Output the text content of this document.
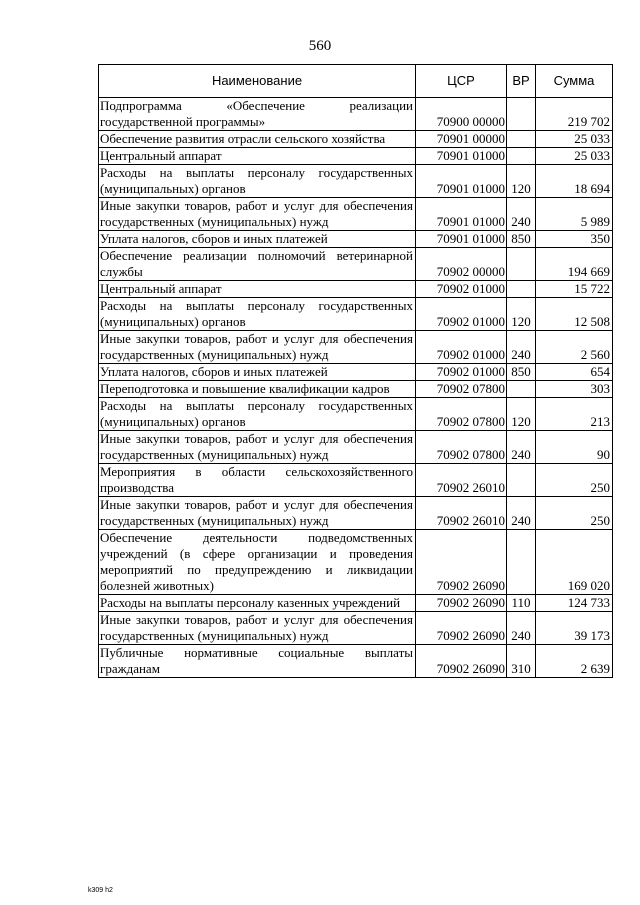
560
Наименование	ЦСР	ВР	Сумма
Подпрограмма «Обеспечение реализации государственной программы»	70900 00000		219 702
Обеспечение развития отрасли сельского хозяйства	70901 00000		25 033
Центральный аппарат	70901 01000		25 033
Расходы на выплаты персоналу государственных (муниципальных) органов	70901 01000	120	18 694
Иные закупки товаров, работ и услуг для обеспечения государственных (муниципальных) нужд	70901 01000	240	5 989
Уплата налогов, сборов и иных платежей	70901 01000	850	350
Обеспечение реализации полномочий ветеринарной службы	70902 00000		194 669
Центральный аппарат	70902 01000		15 722
Расходы на выплаты персоналу государственных (муниципальных) органов	70902 01000	120	12 508
Иные закупки товаров, работ и услуг для обеспечения государственных (муниципальных) нужд	70902 01000	240	2 560
Уплата налогов, сборов и иных платежей	70902 01000	850	654
Переподготовка и повышение квалификации кадров	70902 07800		303
Расходы на выплаты персоналу государственных (муниципальных) органов	70902 07800	120	213
Иные закупки товаров, работ и услуг для обеспечения государственных (муниципальных) нужд	70902 07800	240	90
Мероприятия в области сельскохозяйственного производства	70902 26010		250
Иные закупки товаров, работ и услуг для обеспечения государственных (муниципальных) нужд	70902 26010	240	250
Обеспечение деятельности подведомственных учреждений (в сфере организации и проведения мероприятий по предупреждению и ликвидации болезней животных)	70902 26090		169 020
Расходы на выплаты персоналу казенных учреждений	70902 26090	110	124 733
Иные закупки товаров, работ и услуг для обеспечения государственных (муниципальных) нужд	70902 26090	240	39 173
Публичные нормативные социальные выплаты гражданам	70902 26090	310	2 639
k309 h2
